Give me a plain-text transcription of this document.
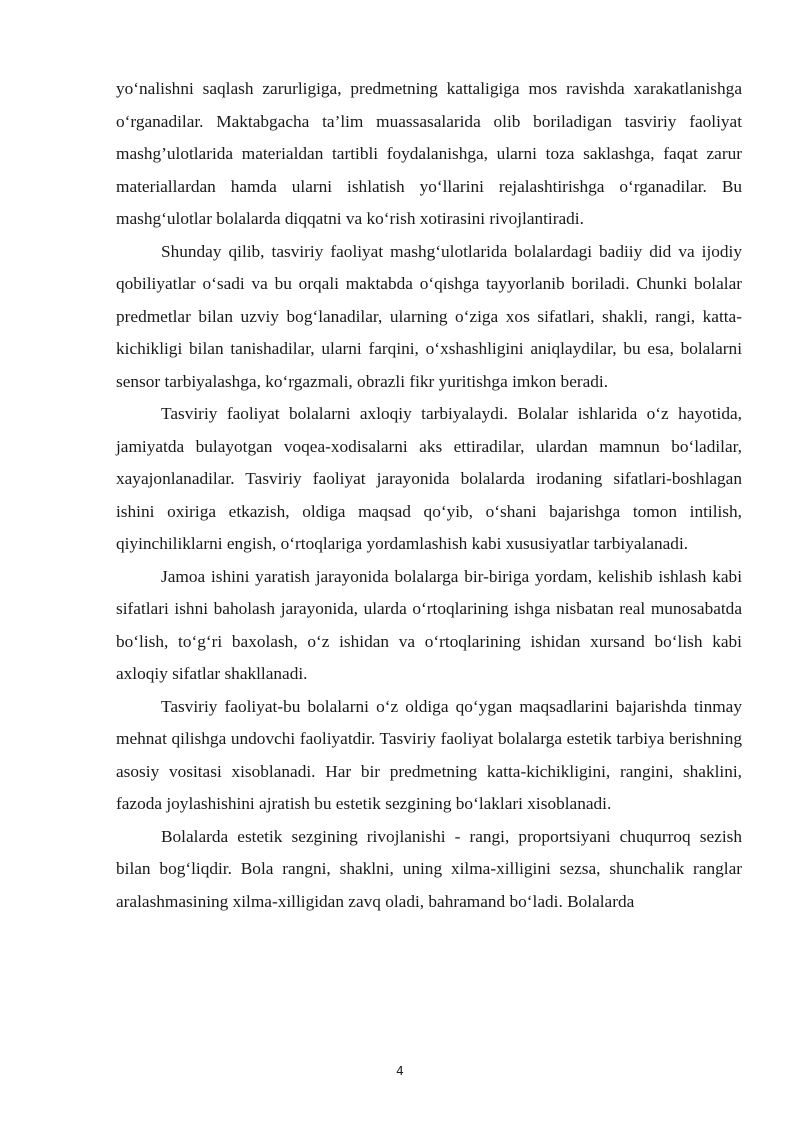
yo‘nalishni saqlash zarurligiga, predmetning kattaligiga mos ravishda xarakatlanishga o‘rganadilar. Maktabgacha ta’lim muassasalarida olib boriladigan tasviriy faoliyat mashg’ulotlarida materialdan tartibli foydalanishga, ularni toza saklashga, faqat zarur materiallardan hamda ularni ishlatish yo‘llarini rejalashtirishga o‘rganadilar. Bu mashg‘ulotlar bolalarda diqqatni va ko‘rish xotirasini rivojlantiradi.

Shunday qilib, tasviriy faoliyat mashg‘ulotlarida bolalardagi badiiy did va ijodiy qobiliyatlar o‘sadi va bu orqali maktabda o‘qishga tayyorlanib boriladi. Chunki bolalar predmetlar bilan uzviy bog‘lanadilar, ularning o‘ziga xos sifatlari, shakli, rangi, katta-kichikligi bilan tanishadilar, ularni farqini, o‘xshashligini aniqlaydilar, bu esa, bolalarni sensor tarbiyalashga, ko‘rgazmali, obrazli fikr yuritishga imkon beradi.

Tasviriy faoliyat bolalarni axloqiy tarbiyalaydi. Bolalar ishlarida o‘z hayotida, jamiyatda bulayotgan voqea-xodisalarni aks ettiradilar, ulardan mamnun bo‘ladilar, xayajonlanadilar. Tasviriy faoliyat jarayonida bolalarda irodaning sifatlari-boshlagan ishini oxiriga etkazish, oldiga maqsad qo‘yib, o‘shani bajarishga tomon intilish, qiyinchiliklarni engish, o‘rtoqlariga yordamlashish kabi xususiyatlar tarbiyalanadi.

Jamoa ishini yaratish jarayonida bolalarga bir-biriga yordam, kelishib ishlash kabi sifatlari ishni baholash jarayonida, ularda o‘rtoqlarining ishga nisbatan real munosabatda bo‘lish, to‘g‘ri baxolash, o‘z ishidan va o‘rtoqlarining ishidan xursand bo‘lish kabi axloqiy sifatlar shakllanadi.

Tasviriy faoliyat-bu bolalarni o‘z oldiga qo‘ygan maqsadlarini bajarishda tinmay mehnat qilishga undovchi faoliyatdir. Tasviriy faoliyat bolalarga estetik tarbiya berishning asosiy vositasi xisoblanadi. Har bir predmetning katta-kichikligini, rangini, shaklini, fazoda joylashishini ajratish bu estetik sezgining bo‘laklari xisoblanadi.

Bolalarda estetik sezgining rivojlanishi - rangi, proportsiyani chuqurroq sezish bilan bog‘liqdir. Bola rangni, shaklni, uning xilma-xilligini sezsa, shunchalik ranglar aralashmasining xilma-xilligidan zavq oladi, bahramand bo‘ladi. Bolalarda

4
